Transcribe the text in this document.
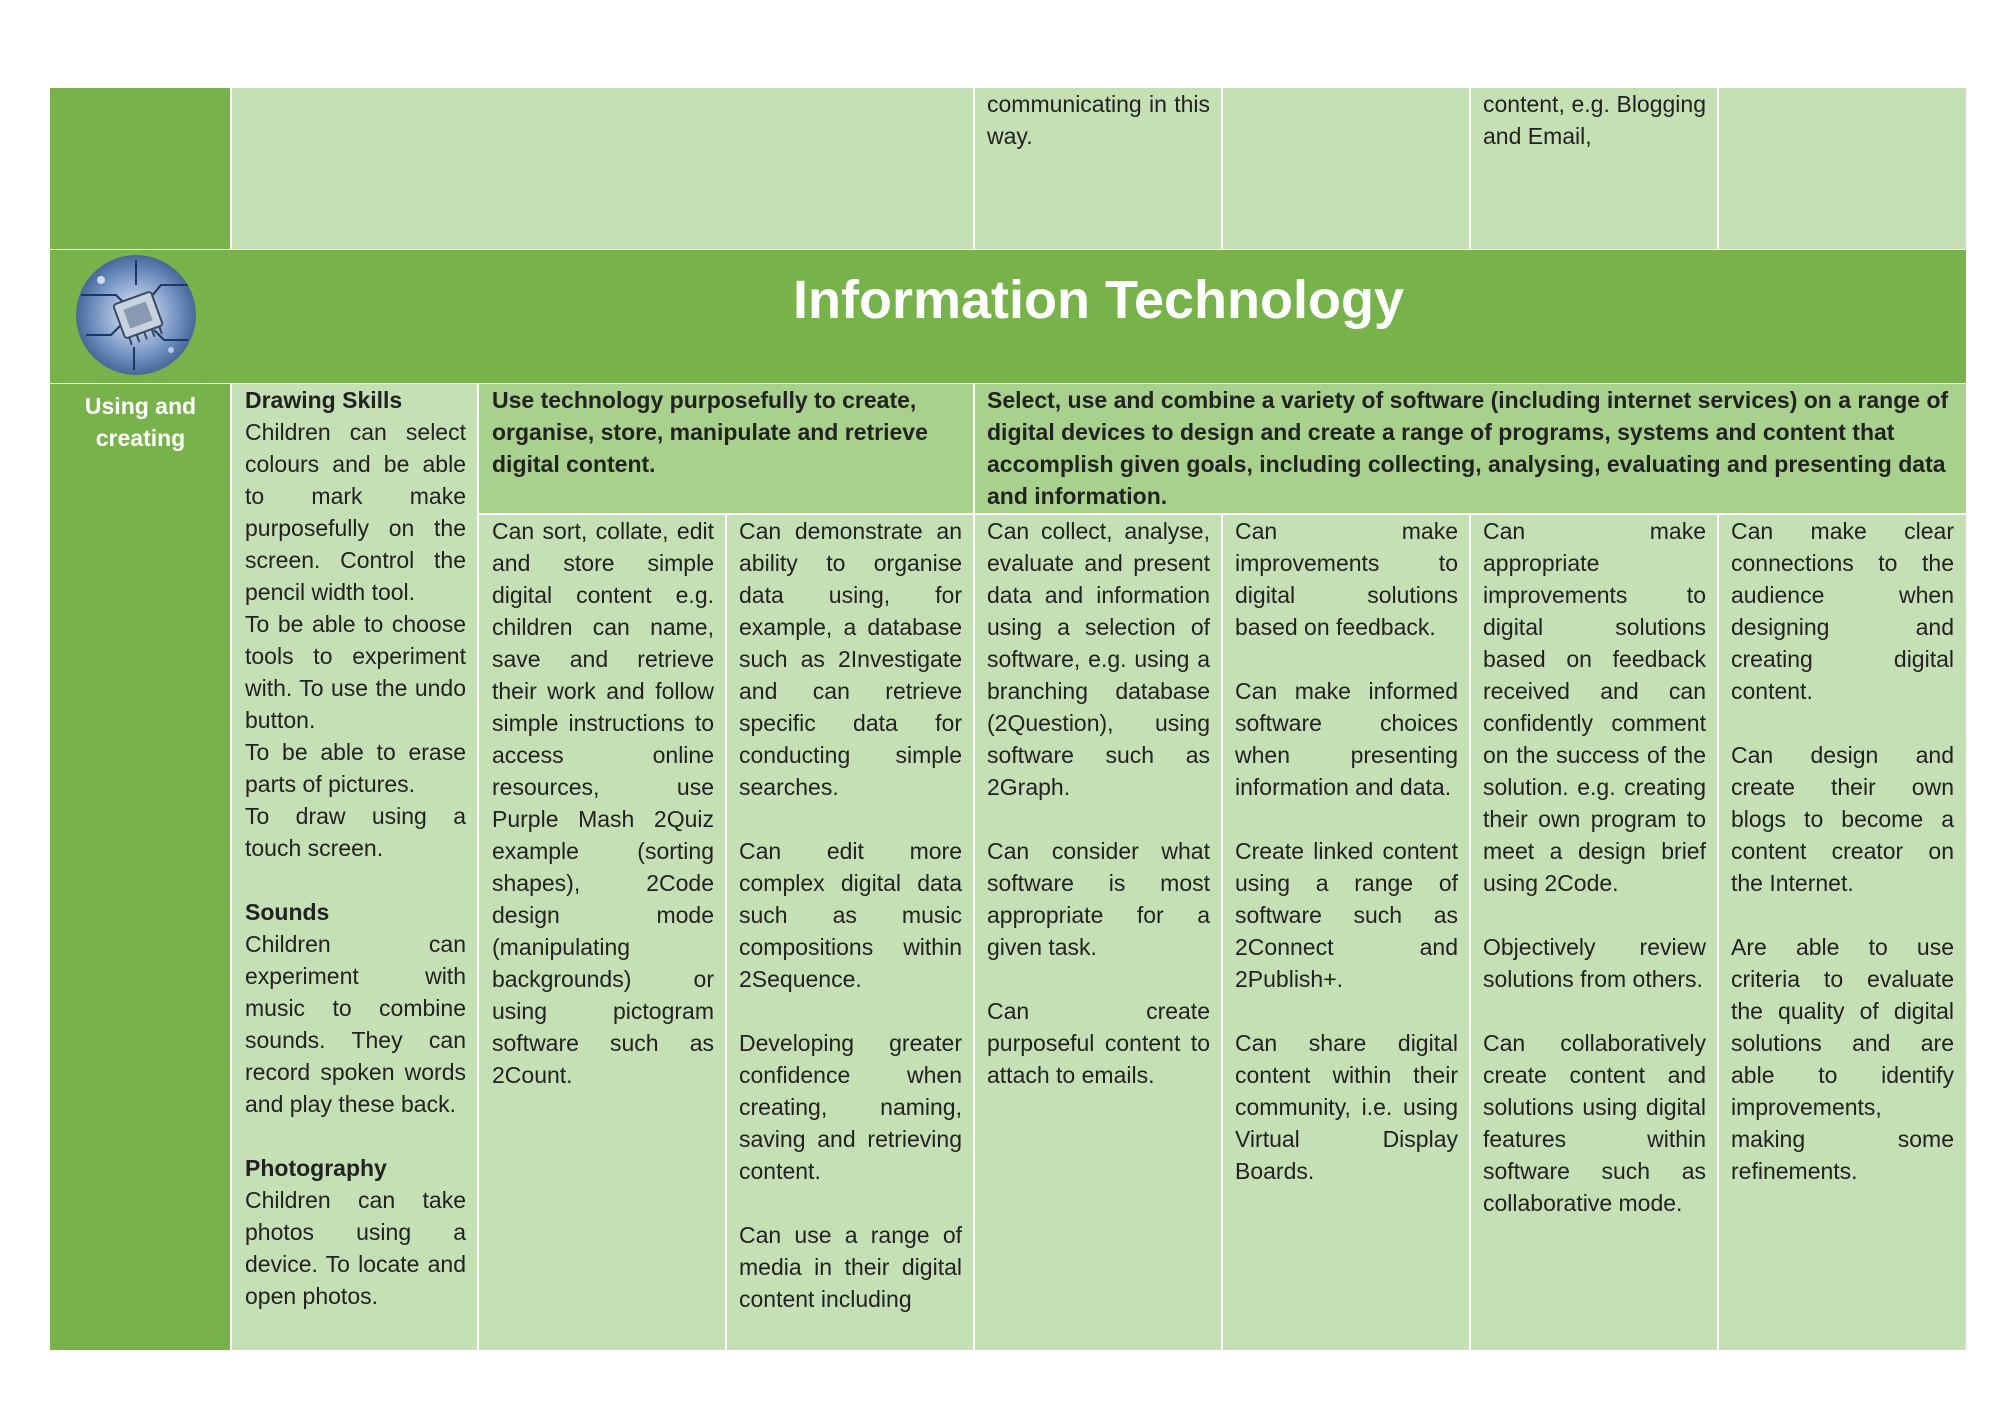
communicating in this way.

content, e.g. Blogging and Email,

Information Technology
Using and creating

Drawing Skills

Children can select colours and be able to mark make purposefully on the screen. Control the pencil width tool.

To be able to choose tools to experiment with. To use the undo button.

To be able to erase parts of pictures.

To draw using a touch screen.

Sounds

Children can experiment with music to combine sounds. They can record spoken words and play these back.

Photography

Children can take photos using a device. To locate and open photos.

Use technology purposefully to create, organise, store, manipulate and retrieve digital content.
Select, use and combine a variety of software (including internet services) on a range of digital devices to design and create a range of programs, systems and content that accomplish given goals, including collecting, analysing, evaluating and presenting data and information.

Can sort, collate, edit and store simple digital content e.g. children can name, save and retrieve their work and follow simple instructions to access online resources, use Purple Mash 2Quiz example (sorting shapes), 2Code design mode (manipulating backgrounds) or using pictogram software such as 2Count.

Can demonstrate an ability to organise data using, for example, a database such as 2Investigate and can retrieve specific data for conducting simple searches.

Can edit more complex digital data such as music compositions within 2Sequence.

Developing greater confidence when creating, naming, saving and retrieving content.

Can use a range of media in their digital content including

Can collect, analyse, evaluate and present data and information using a selection of software, e.g. using a branching database (2Question), using software such as 2Graph.

Can consider what software is most appropriate for a given task.

Can create purposeful content to attach to emails.

Can make improvements to digital solutions based on feedback.

Can make informed software choices when presenting information and data.

Create linked content using a range of software such as 2Connect and 2Publish+.

Can share digital content within their community, i.e. using Virtual Display Boards.

Can make appropriate improvements to digital solutions based on feedback received and can confidently comment on the success of the solution. e.g. creating their own program to meet a design brief using 2Code.

Objectively review solutions from others.

Can collaboratively create content and solutions using digital features within software such as collaborative mode.

Can make clear connections to the audience when designing and creating digital content.

Can design and create their own blogs to become a content creator on the Internet.

Are able to use criteria to evaluate the quality of digital solutions and are able to identify improvements, making some refinements.
